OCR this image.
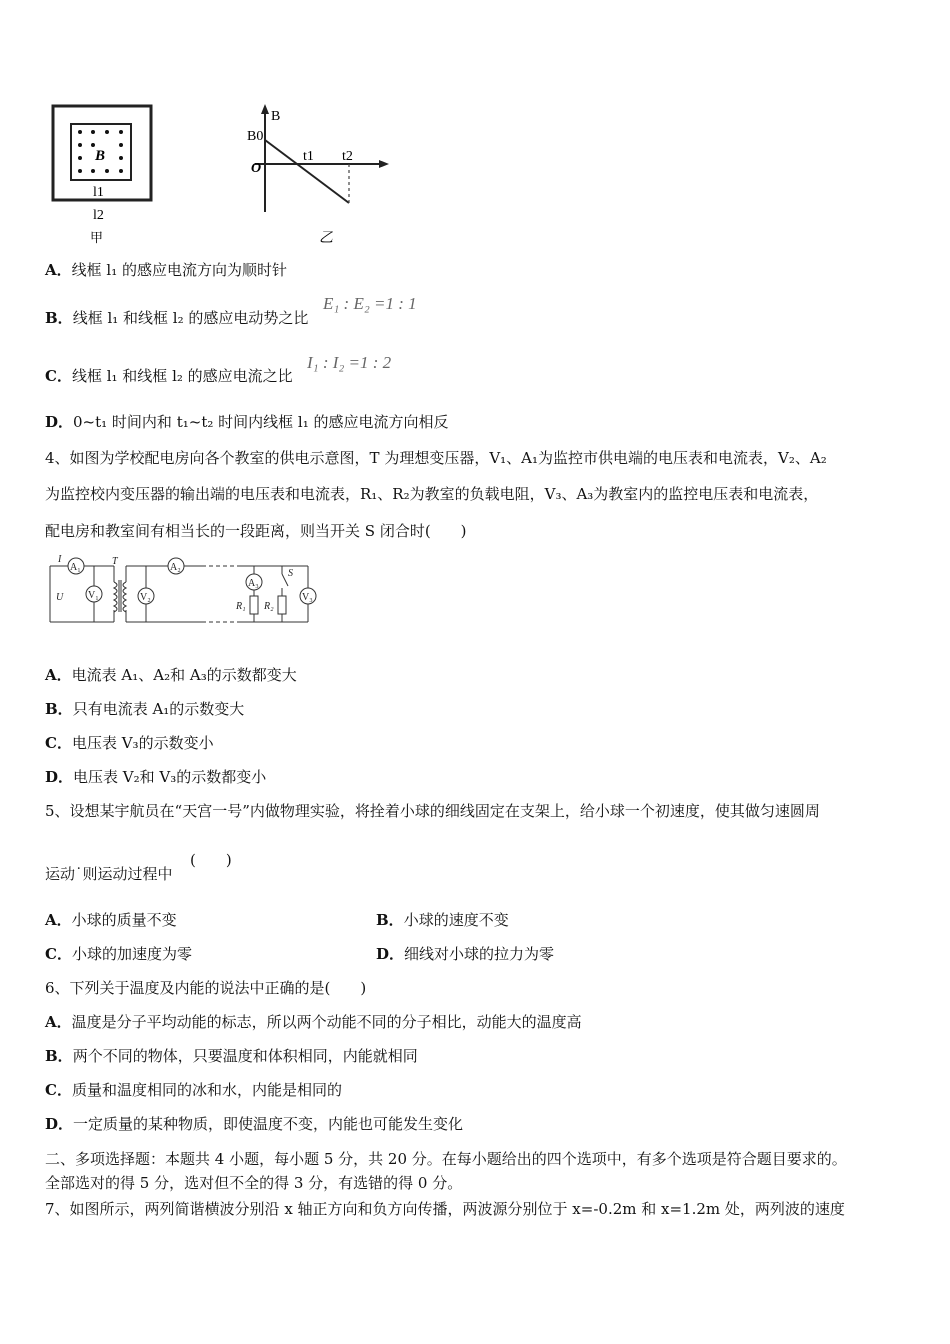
B
l1
l2
甲
B
B0
O
t1 t2
乙
A．线框 l₁ 的感应电流方向为顺时针
B．线框 l₁ 和线框 l₂ 的感应电动势之比
E₁ : E₂ =1 : 1
C．线框 l₁ 和线框 l₂ 的感应电流之比
I₁ : I₂ =1 : 2
D．0~t₁ 时间内和 t₁~t₂ 时间内线框 l₁ 的感应电流方向相反
4、如图为学校配电房向各个教室的供电示意图，T 为理想变压器，V₁、A₁为监控市供电端的电压表和电流表，V₂、A₂
为监控校内变压器的输出端的电压表和电流表，R₁、R₂为教室的负载电阻，V₃、A₃为教室内的监控电压表和电流表，
配电房和教室间有相当长的一段距离，则当开关 S 闭合时(　　)
I
U
T
S
A₁
V₁	V₂
A₂
A₃
V₃
R₁ R₂
A．电流表 A₁、A₂和 A₃的示数都变大
B．只有电流表 A₁的示数变大
C．电压表 V₃的示数变小
D．电压表 V₂和 V₃的示数都变小
5、设想某宇航员在“天宫一号”内做物理实验，将拴着小球的细线固定在支架上，给小球一个初速度，使其做匀速圆周
运动˙则运动过程中
(　　)
A．小球的质量不变	B．小球的速度不变
C．小球的加速度为零	D．细线对小球的拉力为零
6、下列关于温度及内能的说法中正确的是(　　)
A．温度是分子平均动能的标志，所以两个动能不同的分子相比，动能大的温度高
B．两个不同的物体，只要温度和体积相同，内能就相同
C．质量和温度相同的冰和水，内能是相同的
D．一定质量的某种物质，即使温度不变，内能也可能发生变化
二、多项选择题：本题共 4 小题，每小题 5 分，共 20 分。在每小题给出的四个选项中，有多个选项是符合题目要求的。
全部选对的得 5 分，选对但不全的得 3 分，有选错的得 0 分。
7、如图所示，两列简谐横波分别沿 x 轴正方向和负方向传播，两波源分别位于 x=-0.2m 和 x=1.2m 处，两列波的速度
